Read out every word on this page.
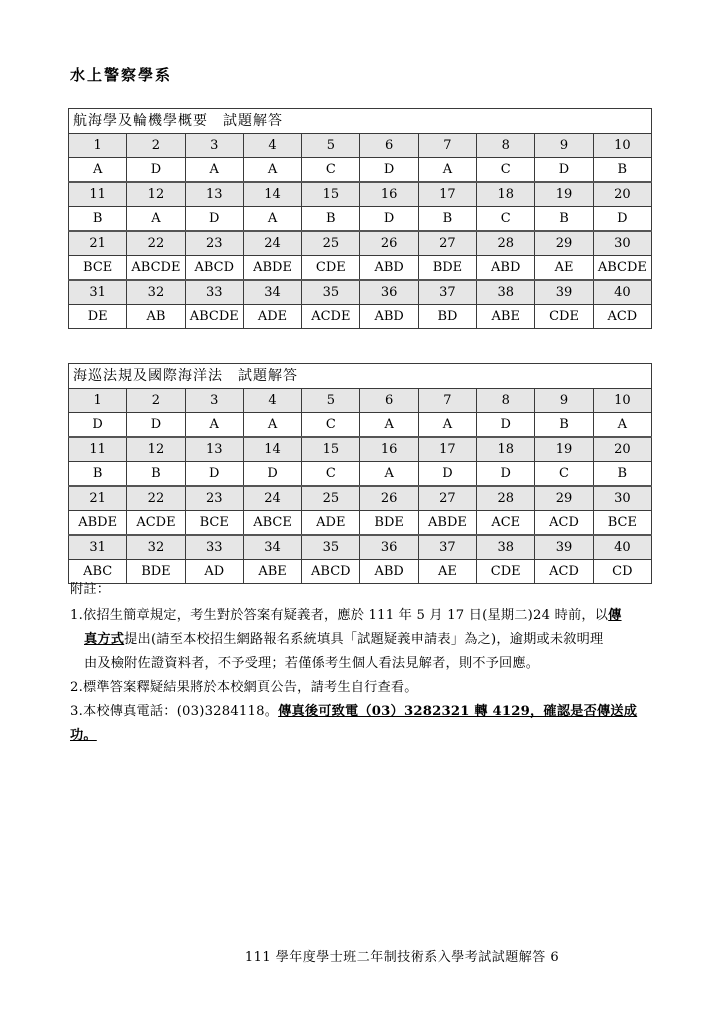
水上警察學系
航海學及輪機學概要　試題解答									
1	2	3	4	5	6	7	8	9	10
A	D	A	A	C	D	A	C	D	B
11	12	13	14	15	16	17	18	19	20
B	A	D	A	B	D	B	C	B	D
21	22	23	24	25	26	27	28	29	30
BCE	ABCDE	ABCD	ABDE	CDE	ABD	BDE	ABD	AE	ABCDE
31	32	33	34	35	36	37	38	39	40
DE	AB	ABCDE	ADE	ACDE	ABD	BD	ABE	CDE	ACD
海巡法規及國際海洋法　試題解答									
1	2	3	4	5	6	7	8	9	10
D	D	A	A	C	A	A	D	B	A
11	12	13	14	15	16	17	18	19	20
B	B	D	D	C	A	D	D	C	B
21	22	23	24	25	26	27	28	29	30
ABDE	ACDE	BCE	ABCE	ADE	BDE	ABDE	ACE	ACD	BCE
31	32	33	34	35	36	37	38	39	40
ABC	BDE	AD	ABE	ABCD	ABD	AE	CDE	ACD	CD
附註：
1.依招生簡章規定，考生對於答案有疑義者，應於 111 年 5 月 17 日(星期二)24 時前，以傳
真方式提出(請至本校招生網路報名系統填具「試題疑義申請表」為之)，逾期或未敘明理
由及檢附佐證資料者，不予受理；若僅係考生個人看法見解者，則不予回應。
2.標準答案釋疑結果將於本校網頁公告，請考生自行查看。
3.本校傳真電話：(03)3284118。傳真後可致電（03）3282321 轉 4129，確認是否傳送成功。
111 學年度學士班二年制技術系入學考試試題解答 6
